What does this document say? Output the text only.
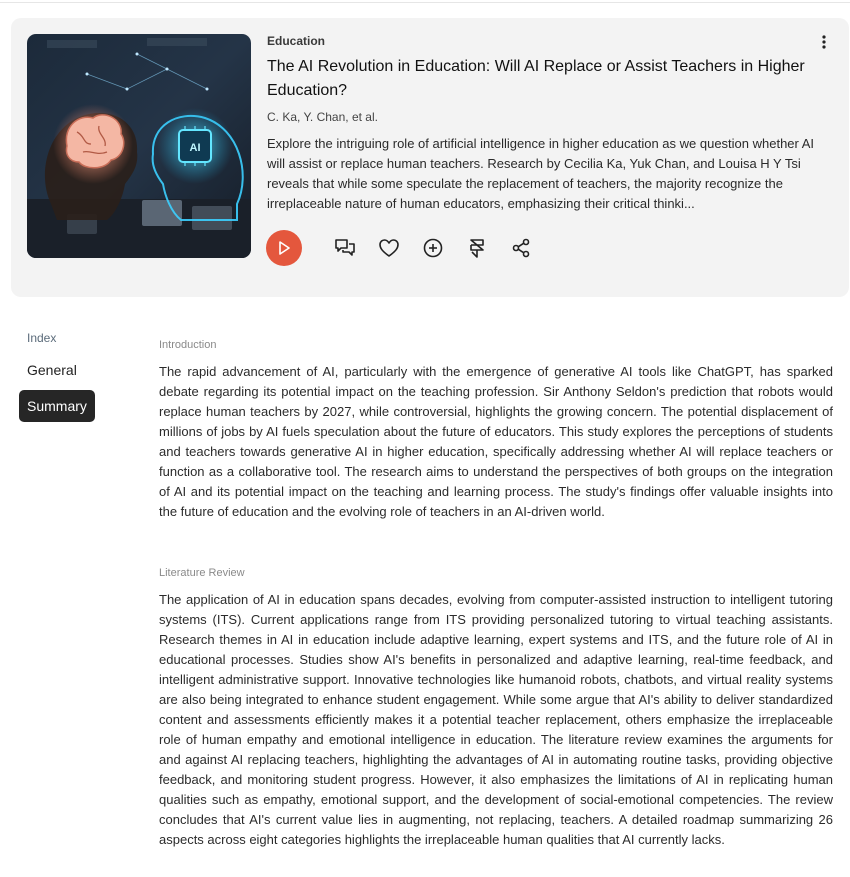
AI
Education
The AI Revolution in Education: Will AI Replace or Assist Teachers in Higher Education?
C. Ka, Y. Chan, et al.
Explore the intriguing role of artificial intelligence in higher education as we question whether AI will assist or replace human teachers. Research by Cecilia Ka, Yuk Chan, and Louisa H Y Tsi reveals that while some speculate the replacement of teachers, the majority recognize the irreplaceable nature of human educators, emphasizing their critical thinki...
Index
General
Summary
Introduction
The rapid advancement of AI, particularly with the emergence of generative AI tools like ChatGPT, has sparked debate regarding its potential impact on the teaching profession. Sir Anthony Seldon's prediction that robots would replace human teachers by 2027, while controversial, highlights the growing concern. The potential displacement of millions of jobs by AI fuels speculation about the future of educators. This study explores the perceptions of students and teachers towards generative AI in higher education, specifically addressing whether AI will replace teachers or function as a collaborative tool. The research aims to understand the perspectives of both groups on the integration of AI and its potential impact on the teaching and learning process. The study's findings offer valuable insights into the future of education and the evolving role of teachers in an AI-driven world.
Literature Review
The application of AI in education spans decades, evolving from computer-assisted instruction to intelligent tutoring systems (ITS). Current applications range from ITS providing personalized tutoring to virtual teaching assistants. Research themes in AI in education include adaptive learning, expert systems and ITS, and the future role of AI in educational processes. Studies show AI's benefits in personalized and adaptive learning, real-time feedback, and intelligent administrative support. Innovative technologies like humanoid robots, chatbots, and virtual reality systems are also being integrated to enhance student engagement. While some argue that AI's ability to deliver standardized content and assessments efficiently makes it a potential teacher replacement, others emphasize the irreplaceable role of human empathy and emotional intelligence in education. The literature review examines the arguments for and against AI replacing teachers, highlighting the advantages of AI in automating routine tasks, providing objective feedback, and monitoring student progress. However, it also emphasizes the limitations of AI in replicating human qualities such as empathy, emotional support, and the development of social-emotional competencies. The review concludes that AI's current value lies in augmenting, not replacing, teachers. A detailed roadmap summarizing 26 aspects across eight categories highlights the irreplaceable human qualities that AI currently lacks.
